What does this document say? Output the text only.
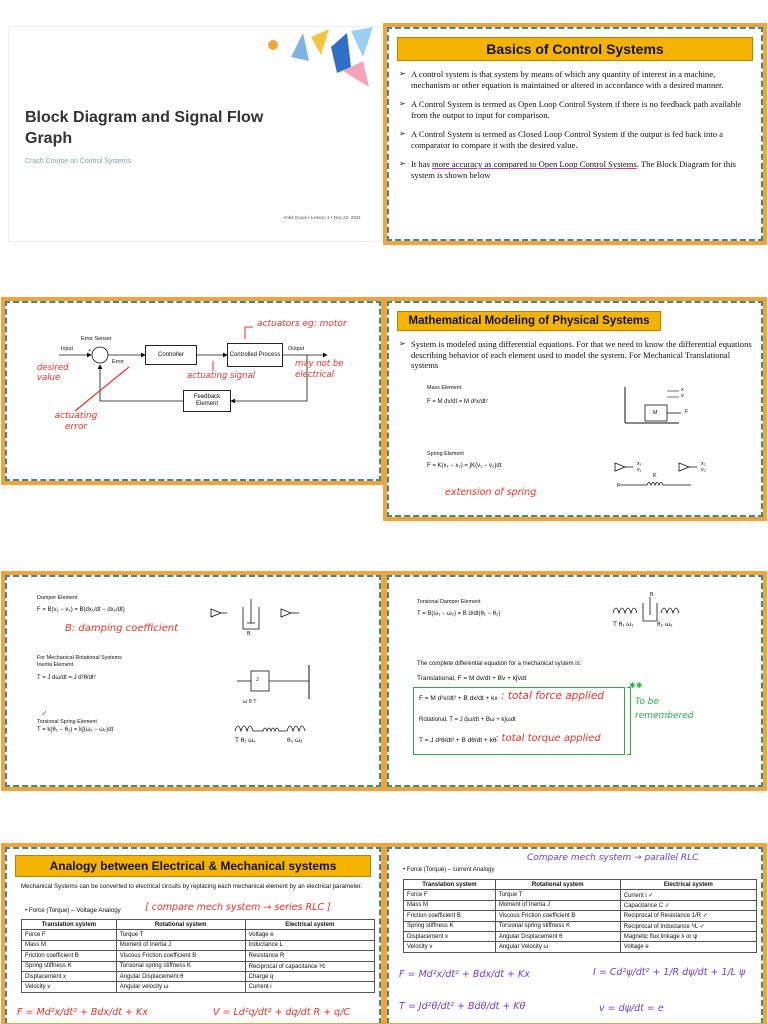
Block Diagram and Signal Flow Graph
Crash Course on Control Systems
Ankit Goyal • Lesson 1 • Nov 22, 2021
Basics of Control Systems
➢ A control system is that system by means of which any quantity of interest in a machine, mechanism or other equation is maintained or altered in accordance with a desired manner.
➢ A Control System is termed as Open Loop Control System if there is no feedback path available from the output to input for comparison.
➢ A Control System is termed as Closed Loop Control System if the output is fed back into a comparator to compare it with the desired value.
➢ It has more accuracy as compared to Open Loop Control Systems. The Block Diagram for this system is shown below
Error Sensor
Input	+
-	Error
Controller	Controlled Process
Output
Feedback Element
actuators eg: motor
desired value	actuating signal
may not be electrical
actuating error
Mathematical Modeling of Physical Systems
➢ System is modeled using differential equations. For that we need to know the differential equations describing behavior of each element used to model the system. For Mechanical Translational systems
Mass Element
F = M dv/dt = M d²x/dt²
M	F
x
v
Spring Element
F = K(x₁ − x₂) = ∫K(v₁ − v₂)dt
extension of spring
x₁
v₁
x₂
v₂
F
K
Damper Element
F = B(v₁ − v₂) = B(dx₁/dt − dx₂/dt)
B: damping coefficient	B
For Mechanical Rotational Systems
Inertia Element
T = J dω/dt = J d²θ/dt²	J
ω θ T
✓
Torsional Spring Element
T = k(θ₁ − θ₂) = k∫(ω₁ − ω₂)dt
T θ₁ ω₁	θ₂ ω₂
Torsional Damper Element
T = B(ω₁ − ω₂) = B d/dt(θ₁ − θ₂)
B
T θ₁ ω₁	θ₂ ω₂
The complete differential equation for a mechanical system is:
Translational, F = M dv/dt + Bv + k∫vdt
F = M d²x/dt² + B dx/dt + kx : total force applied
Rotational, T = J dω/dt + Bω + k∫ωdt
T = J d²θ/dt² + B dθ/dt + kθ
: total torque applied
To be remembered
✱✱
Analogy between Electrical & Mechanical systems
Mechanical Systems can be converted to electrical circuits by replacing each mechanical element by an electrical parameter.
• Force (Torque) – Voltage Analogy	[ compare mech system → series RLC ]
Translation system	Rotational system	Electrical system
Force F	Torque T	Voltage e
Mass M	Moment of Inertia J	Inductance L
Friction coefficient B	Viscous Friction coefficient B	Resistance R
Spring stiffness K	Torsional spring stiffness K	Reciprocal of capacitance ⅟c
Displacement x	Angular Displacement θ	Charge q
Velocity v	Angular velocity ω	Current i
F = Md²x/dt² + Bdx/dt + Kx	V = Ld²q/dt² + dq/dt R + q/C
Compare mech system → parallel RLC
• Force (Torque) – current Analogy
Translation system	Rotational system	Electrical system
Force F	Torque T	Current i ✓
Mass M	Moment of Inertia J	Capacitance C ✓
Friction coefficient B	Viscous Friction coefficient B	Reciprocal of Resistance 1/R ✓
Spring stiffness K	Torsional spring stiffness K	Reciprocal of Inductance ⅟L ✓
Displacement x	Angular Displacement θ	Magnetic flux linkage λ or ψ
Velocity v	Angular Velocity ω	Voltage e
F = Md²x/dt² + Bdx/dt + Kx	I = Cd²ψ/dt² + 1/R dψ/dt + 1/L ψ
T = Jd²θ/dt² + Bdθ/dt + Kθ	v = dψ/dt = e
